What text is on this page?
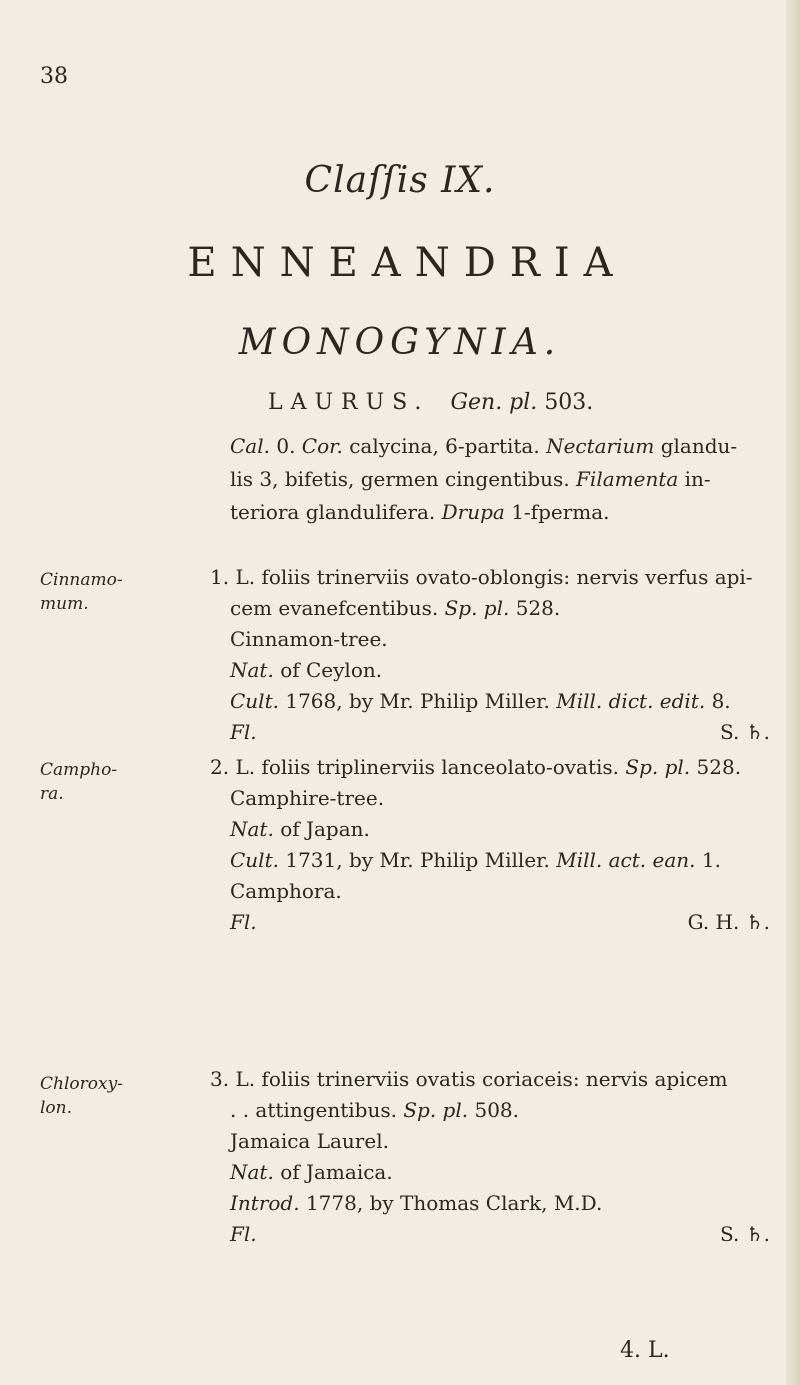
38
Claſſis IX.
ENNEANDRIA
MONOGYNIA.
LAURUS. Gen. pl. 503.
Cal. 0. Cor. calycina, 6-partita. Nectarium glandu-
lis 3, bifetis, germen cingentibus. Filamenta in-
teriora glandulifera. Drupa 1-fperma.
Cinnamo-
mum.
1. L. foliis trinerviis ovato-oblongis: nervis verfus api-
cem evanefcentibus. Sp. pl. 528.
Cinnamon-tree.
Nat. of Ceylon.
Cult. 1768, by Mr. Philip Miller. Mill. dict. edit. 8.
Fl.	S. ♄.
Campho-
ra.
2. L. foliis triplinerviis lanceolato-ovatis. Sp. pl. 528.
Camphire-tree.
Nat. of Japan.
Cult. 1731, by Mr. Philip Miller. Mill. act. ean. 1.
Camphora.
Fl.	G. H. ♄.
Chloroxy-
lon.
3. L. foliis trinerviis ovatis coriaceis: nervis apicem
. . attingentibus. Sp. pl. 508.
Jamaica Laurel.
Nat. of Jamaica.
Introd. 1778, by Thomas Clark, M.D.
Fl.	S. ♄.
4. L.
